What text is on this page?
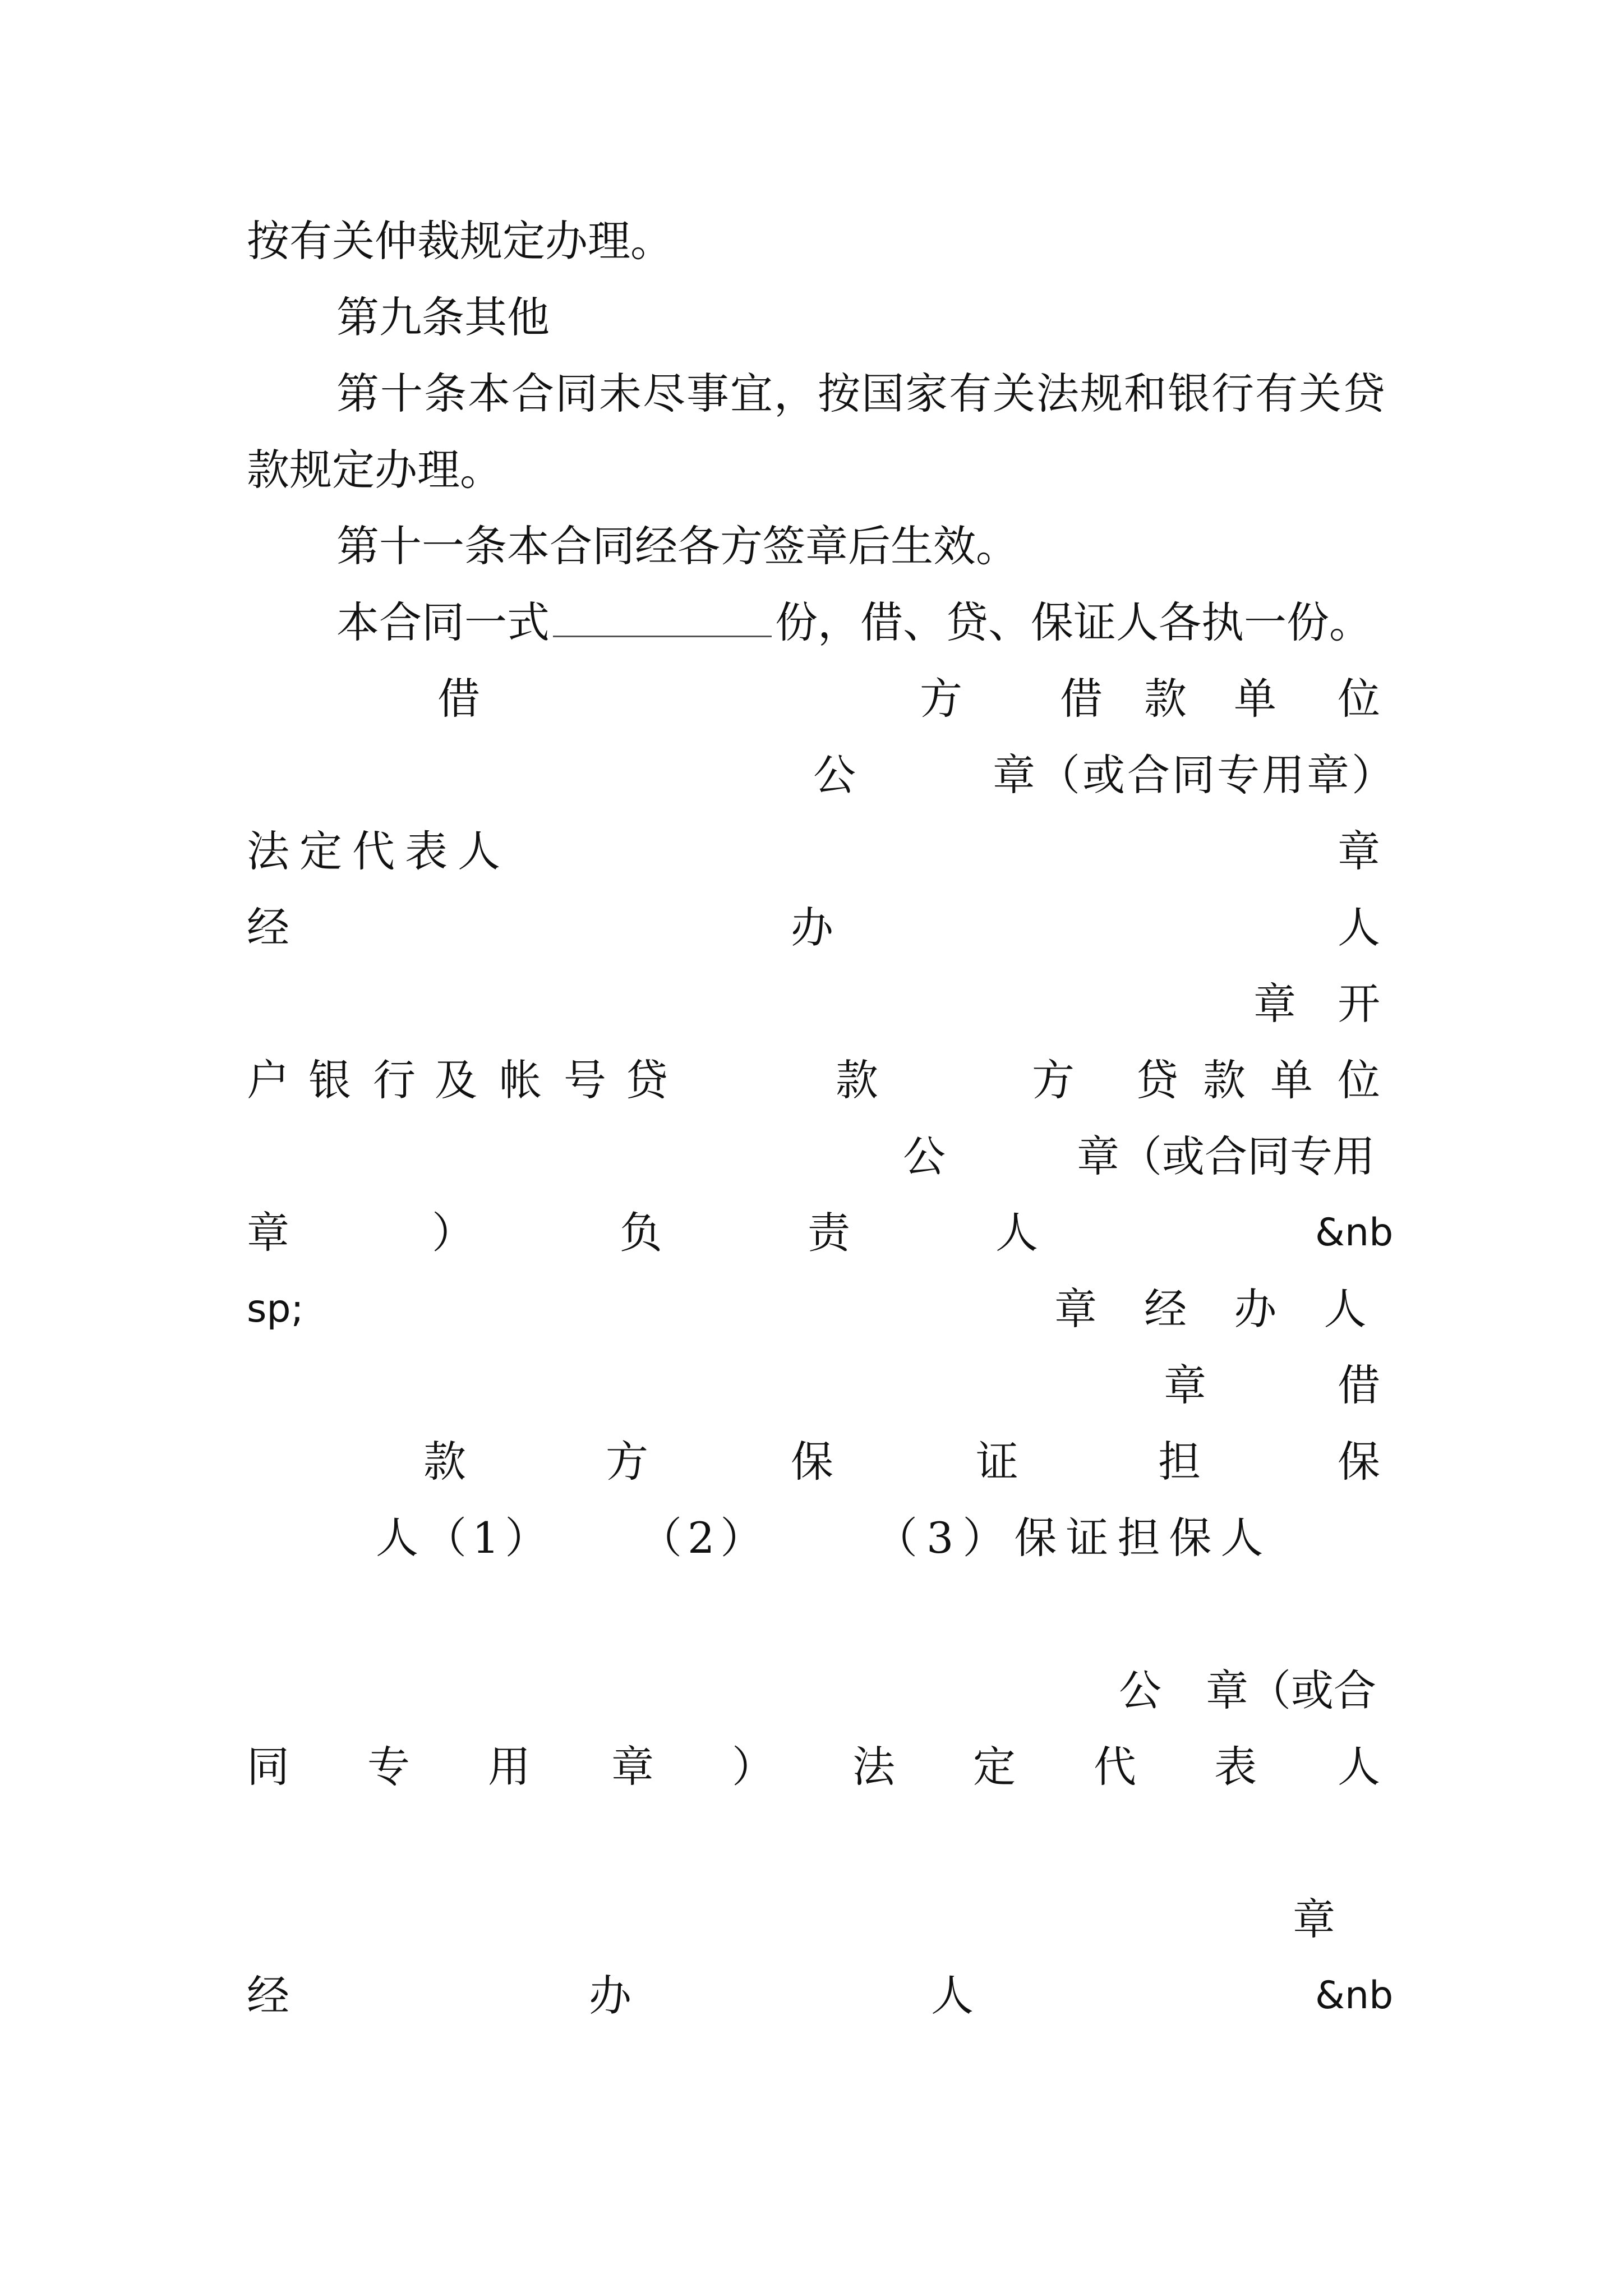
按有关仲裁规定办理。
第九条其他
第十条本合同未尽事宜，按国家有关法规和银行有关贷
款规定办理。
第十一条本合同经各方签章后生效。
本合同一式	份，借、贷、保证人各执一份。
借	方 借 款 单 位
公	章（或合同专用章）
法定代表人	章
经	办	人
章 开
户 银 行 及 帐 号 贷	款	方 贷 款 单 位
公	章（或合同专用
章	）	负	责	人	&nb
sp;	章 经 办 人
章	借
款	方	保	证	担	保
人（1） （2） （3）保证担保人
公 章（或合
同 专 用 章 ） 法 定 代 表 人
章
经	办	人	&nb
